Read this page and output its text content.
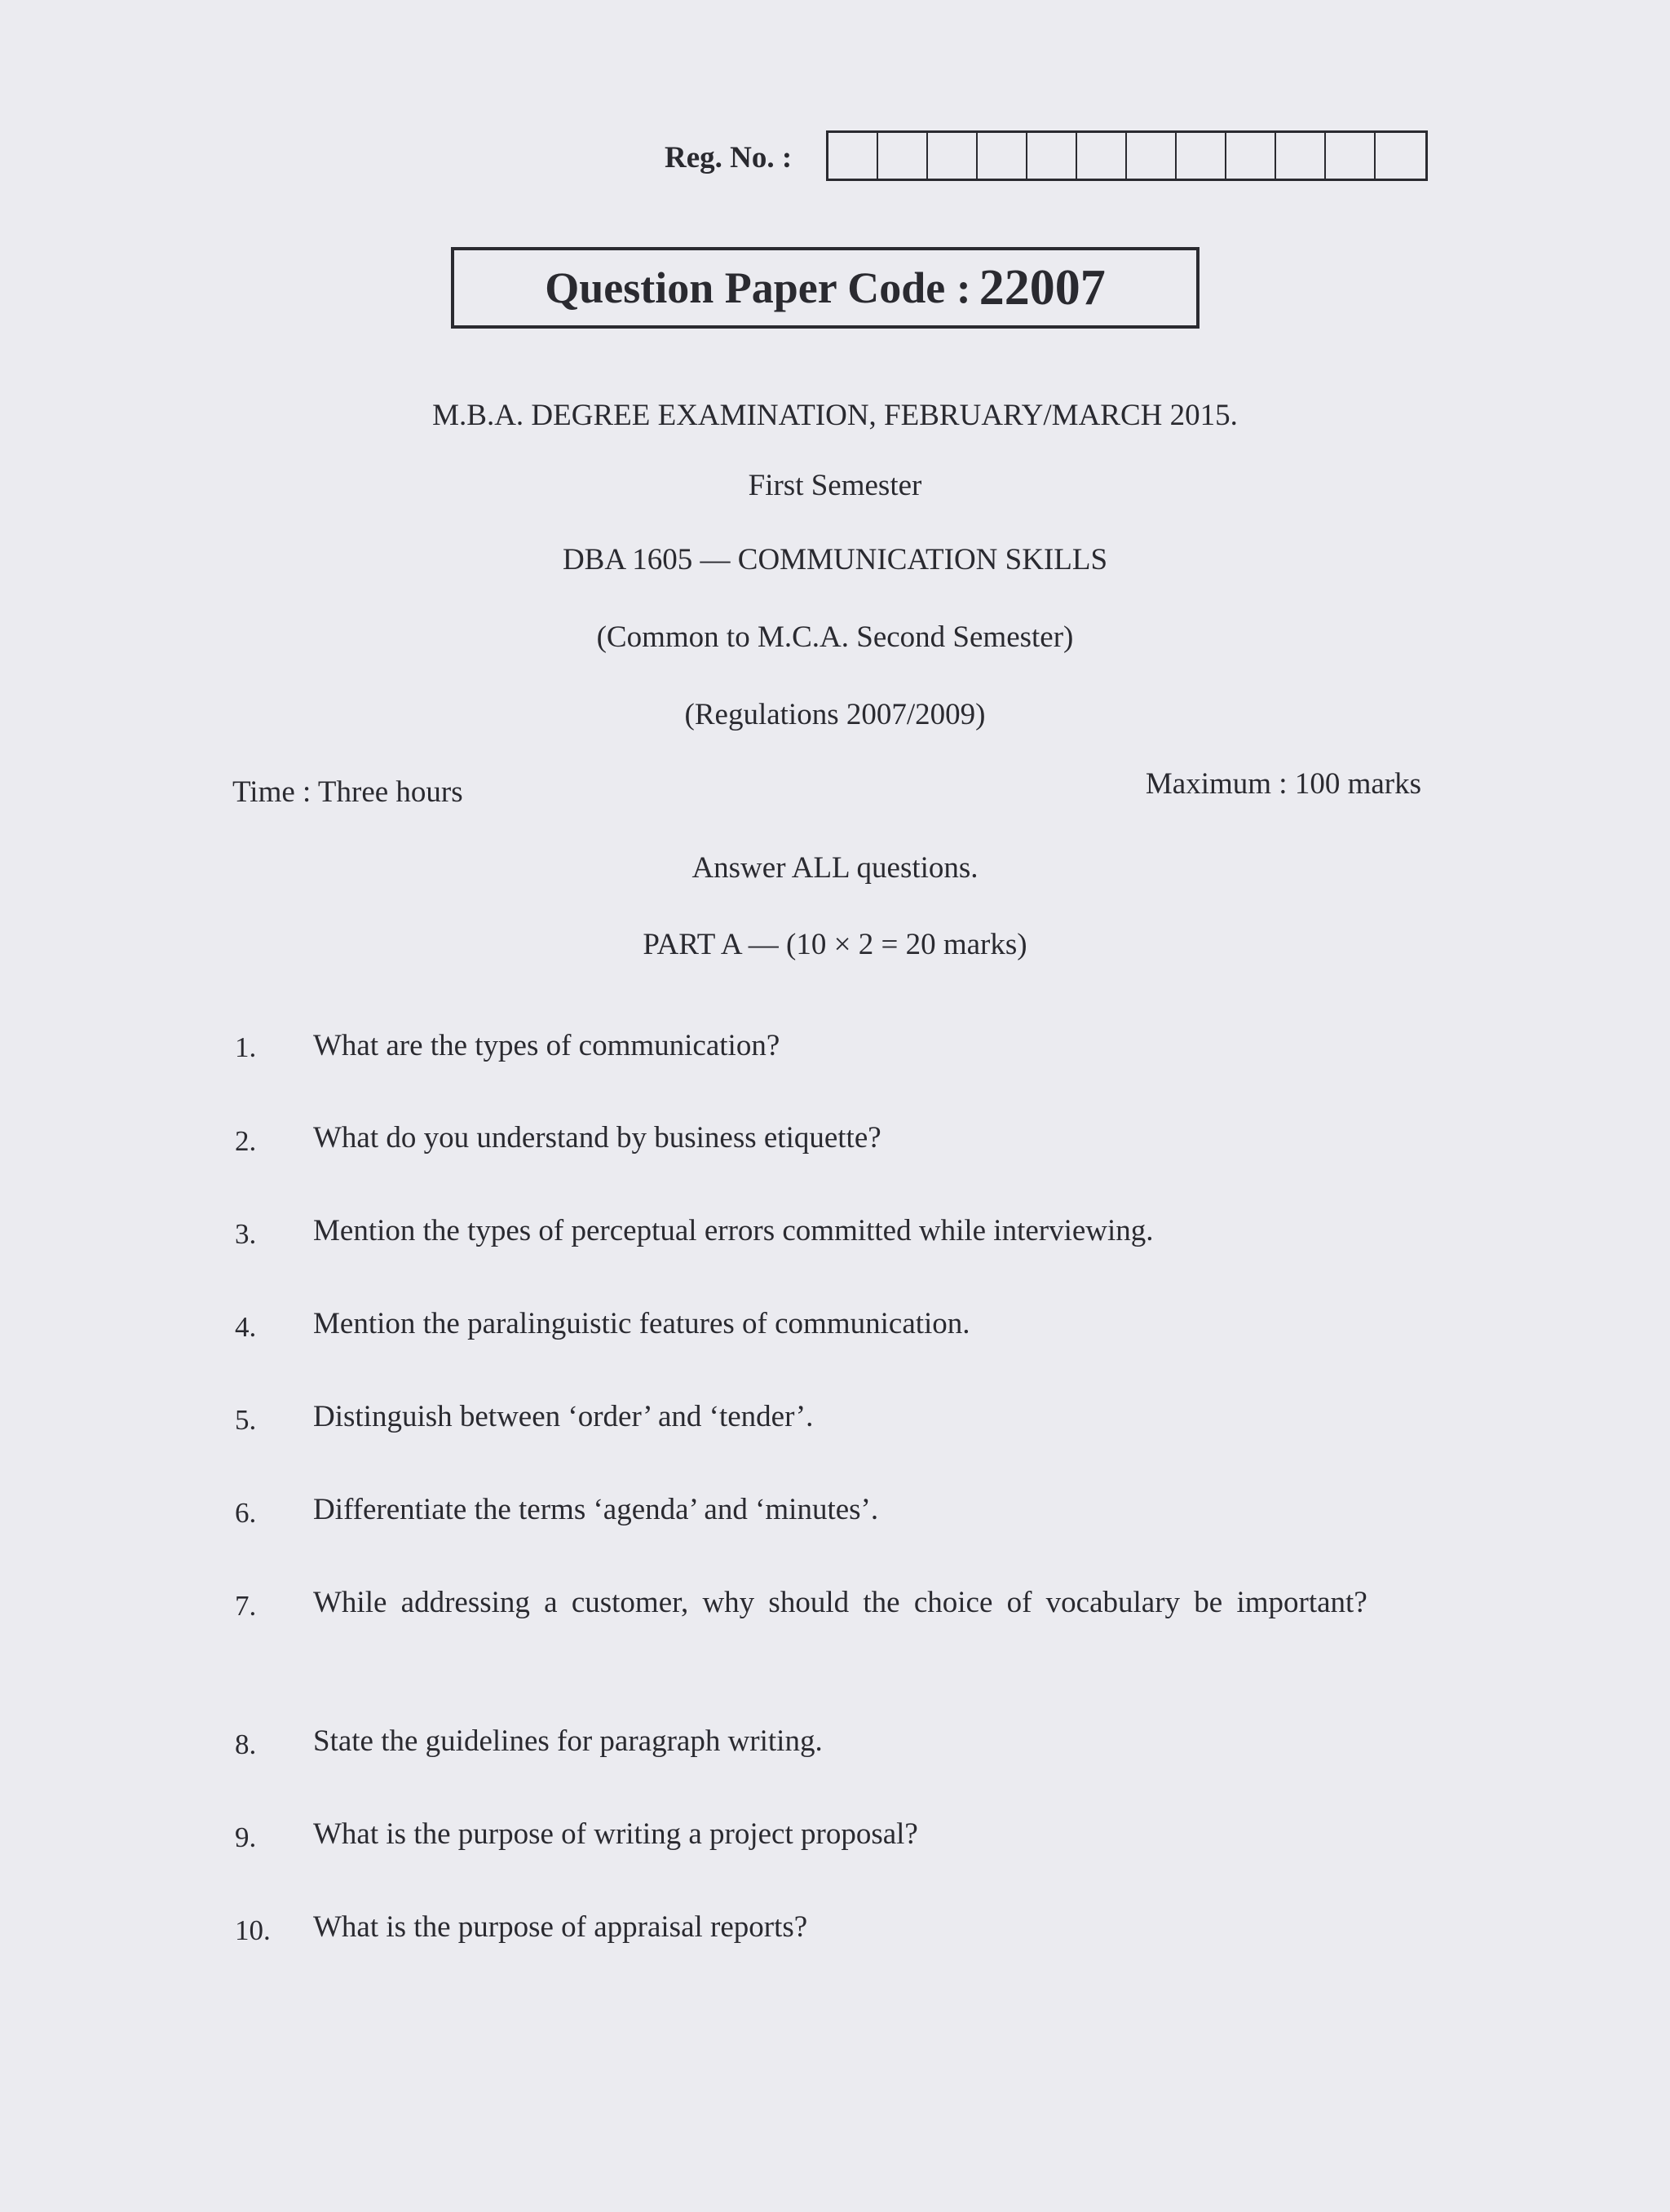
Reg. No. :
Question Paper Code : 22007
M.B.A. DEGREE EXAMINATION, FEBRUARY/MARCH 2015.
First Semester
DBA 1605 — COMMUNICATION SKILLS
(Common to M.C.A. Second Semester)
(Regulations 2007/2009)
Time : Three hours	Maximum : 100 marks
Answer ALL questions.
PART A — (10 × 2 = 20 marks)
1.	What are the types of communication?
2.	What do you understand by business etiquette?
3.	Mention the types of perceptual errors committed while interviewing.
4.	Mention the paralinguistic features of communication.
5.	Distinguish between ‘order’ and ‘tender’.
6.	Differentiate the terms ‘agenda’ and ‘minutes’.
7.	While addressing a customer, why should the choice of vocabulary be important?
8.	State the guidelines for paragraph writing.
9.	What is the purpose of writing a project proposal?
10.	What is the purpose of appraisal reports?
